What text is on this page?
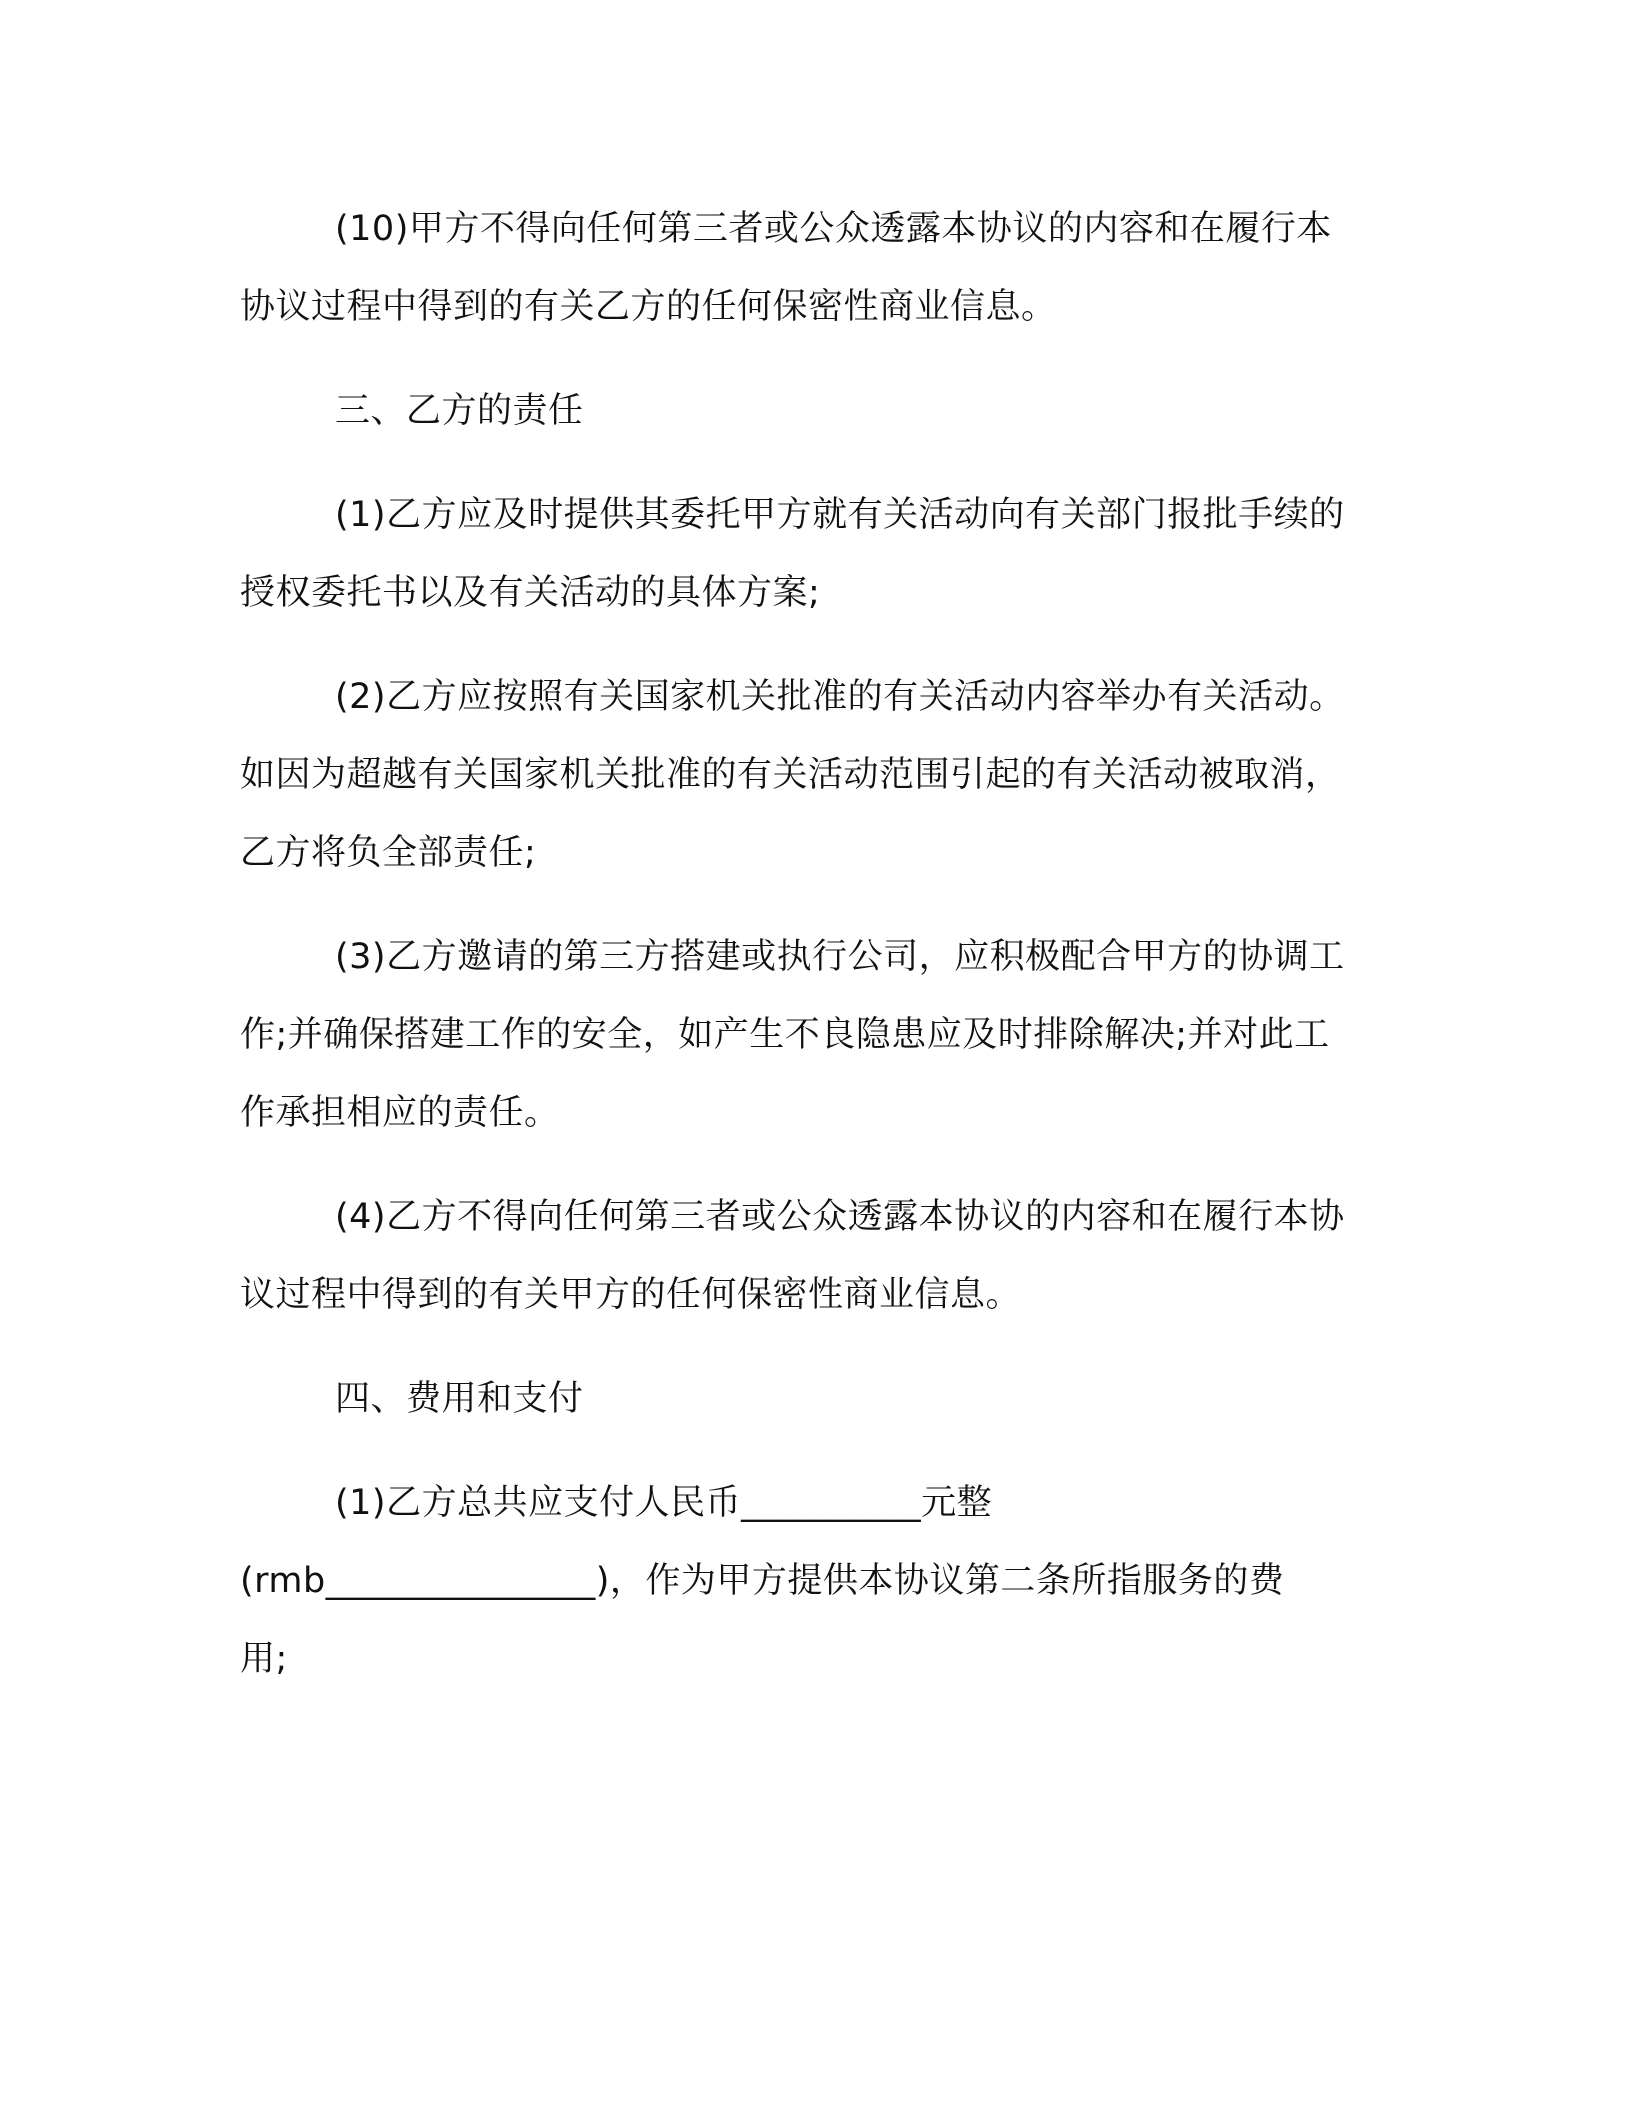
(10)甲方不得向任何第三者或公众透露本协议的内容和在履行本
协议过程中得到的有关乙方的任何保密性商业信息。
三、乙方的责任
(1)乙方应及时提供其委托甲方就有关活动向有关部门报批手续的
授权委托书以及有关活动的具体方案;
(2)乙方应按照有关国家机关批准的有关活动内容举办有关活动。
如因为超越有关国家机关批准的有关活动范围引起的有关活动被取消，
乙方将负全部责任;
(3)乙方邀请的第三方搭建或执行公司，应积极配合甲方的协调工
作;并确保搭建工作的安全，如产生不良隐患应及时排除解决;并对此工
作承担相应的责任。
(4)乙方不得向任何第三者或公众透露本协议的内容和在履行本协
议过程中得到的有关甲方的任何保密性商业信息。
四、费用和支付
(1)乙方总共应支付人民币__________元整
(rmb_______________)，作为甲方提供本协议第二条所指服务的费
用;
